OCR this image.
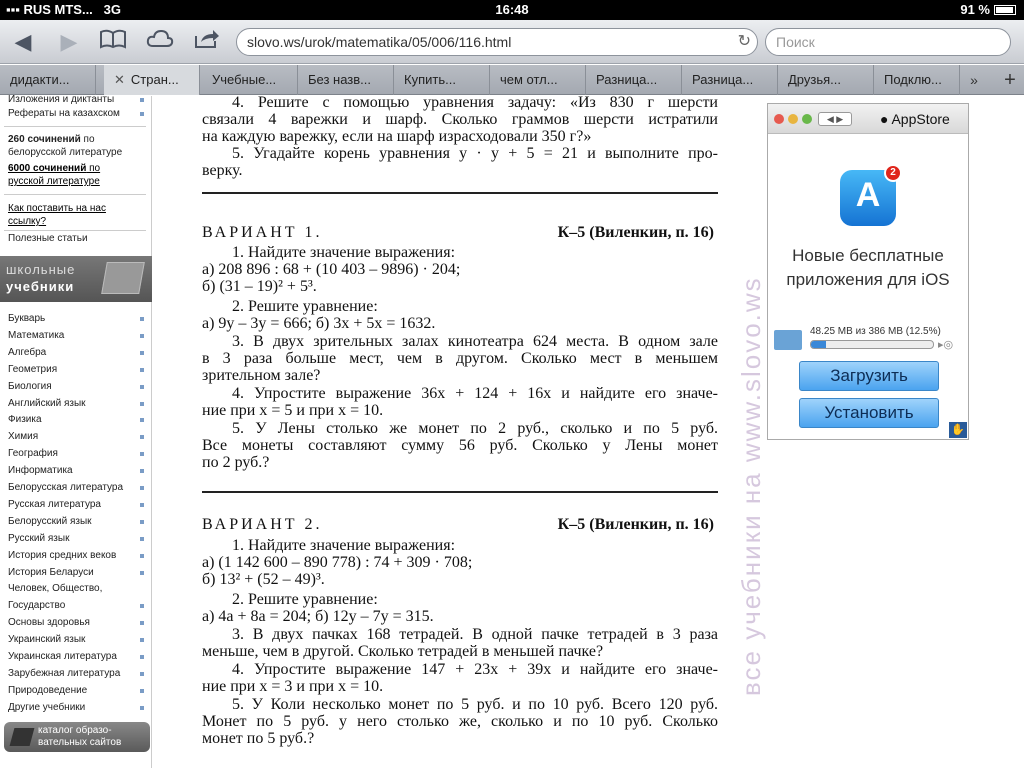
▪▪▪ RUS MTS... 3G	16:48	91 %
◀ ▶	slovo.ws/urok/matematika/05/006/116.html	↻	Поиск
дидакти...	✕ Стран...	Учебные...	Без назв...	Купить...	чем отл...	Разница...	Разница...	Друзья...	Подклю...	»	+
Изложения и диктанты
Рефераты на казахском
260 сочинений по
белорусской литературе
6000 сочинений по
русской литературе
Как поставить на нас
ссылку?
Полезные статьи
школьные
учебники
Букварь
Математика
Алгебра
Геометрия
Биология
Английский язык
Физика
Химия
География
Информатика
Белорусская литература
Русская литература
Белорусский язык
Русский язык
История средних веков
История Беларуси
Человек, Общество,
Государство
Основы здоровья
Украинский язык
Украинская литература
Зарубежная литература
Природоведение
Другие учебники
каталог образо-
вательных сайтов
4. Решите с помощью уравнения задачу: «Из 830 г шерсти
связали 4 варежки и шарф. Сколько граммов шерсти истратили
на каждую варежку, если на шарф израсходовали 350 г?»
5. Угадайте корень уравнения y · y + 5 = 21 и выполните про-
верку.
ВАРИАНТ 1.	К–5 (Виленкин, п. 16)
1. Найдите значение выражения:
а) 208 896 : 68 + (10 403 – 9896) · 204;
б) (31 – 19)² + 5³.
2. Решите уравнение:
а) 9y – 3y = 666; б) 3x + 5x = 1632.
3. В двух зрительных залах кинотеатра 624 места. В одном зале
в 3 раза больше мест, чем в другом. Сколько мест в меньшем
зрительном зале?
4. Упростите выражение 36x + 124 + 16x и найдите его значе-
ние при x = 5 и при x = 10.
5. У Лены столько же монет по 2 руб., сколько и по 5 руб.
Все монеты составляют сумму 56 руб. Сколько у Лены монет
по 2 руб.?
ВАРИАНТ 2.	К–5 (Виленкин, п. 16)
1. Найдите значение выражения:
а) (1 142 600 – 890 778) : 74 + 309 · 708;
б) 13² + (52 – 49)³.
2. Решите уравнение:
а) 4a + 8a = 204; б) 12y – 7y = 315.
3. В двух пачках 168 тетрадей. В одной пачке тетрадей в 3 раза
меньше, чем в другой. Сколько тетрадей в меньшей пачке?
4. Упростите выражение 147 + 23x + 39x и найдите его значе-
ние при x = 3 и при x = 10.
5. У Коли несколько монет по 5 руб. и по 10 руб. Всего 120 руб.
Монет по 5 руб. у него столько же, сколько и по 10 руб. Сколько
монет по 5 руб.?
все учебники на www.slovo.ws
◀ ▶	● AppStore
A
2
Новые бесплатные
приложения для iOS
48.25 MB из 386 MB (12.5%)
▸◎
Загрузить
Установить
✋
